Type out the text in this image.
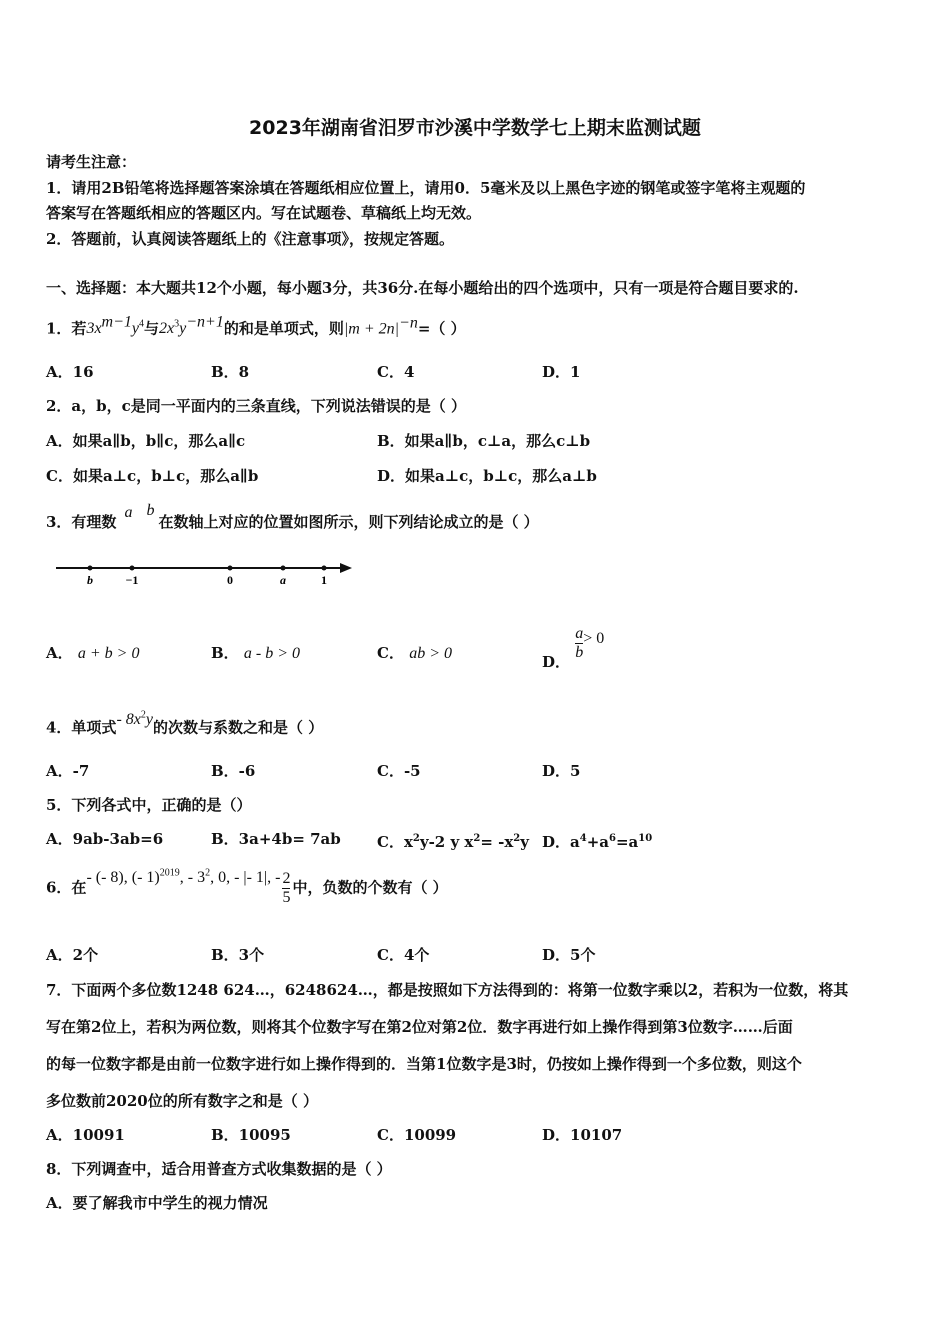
2023年湖南省汨罗市沙溪中学数学七上期末监测试题
请考生注意：
1．请用2B铅笔将选择题答案涂填在答题纸相应位置上，请用0．5毫米及以上黑色字迹的钢笔或签字笔将主观题的
答案写在答题纸相应的答题区内。写在试题卷、草稿纸上均无效。
2．答题前，认真阅读答题纸上的《注意事项》，按规定答题。
一、选择题：本大题共12个小题，每小题3分，共36分.在每小题给出的四个选项中，只有一项是符合题目要求的.
1．若$3x^{m-1}y^4$与$2x^3y^{-n+1}$的和是单项式，则$|m + 2n|^{-n}=$（ ）
A．16	B．8	C．4	D．1
2．a，b，c是同一平面内的三条直线，下列说法错误的是（ ）
A．如果a∥b，b∥c，那么a∥c	B．如果a∥b，c⊥a，那么c⊥b
C．如果a⊥c，b⊥c，那么a∥b	D．如果a⊥c，b⊥c，那么a⊥b
3．有理数a b在数轴上对应的位置如图所示，则下列结论成立的是（ ）
b	−1	0	a	1
A． a + b > 0	B． a - b > 0	C． ab > 0	D．
$\frac{a}{b} > 0$
4．单项式- $8x^2y$的次数与系数之和是（ ）
A．-7	B．-6	C．-5	D．5
5．下列各式中，正确的是（）
A．9ab-3ab=6	B．3a+4b= 7ab C．$x^2y-2$ y $x^2= -x^2y$ D．$a^4+a^6=a^{10}$
6．在- (- 8), (- 1)$^{2019}$, - $3^2$, 0, - |- 1|, - $\frac{2}{5}$ 中，负数的个数有（ ）
A．2个	B．3个	C．4个	D．5个
7．下面两个多位数1248 624…，6248624…，都是按照如下方法得到的：将第一位数字乘以2，若积为一位数，将其
写在第2位上，若积为两位数，则将其个位数字写在第2位对第2位．数字再进行如上操作得到第3位数字……后面
的每一位数字都是由前一位数字进行如上操作得到的．当第1位数字是3时，仍按如上操作得到一个多位数，则这个
多位数前2020位的所有数字之和是（ ）
A．10091	B．10095	C．10099	D．10107
8．下列调查中，适合用普查方式收集数据的是（ ）
A．要了解我市中学生的视力情况
